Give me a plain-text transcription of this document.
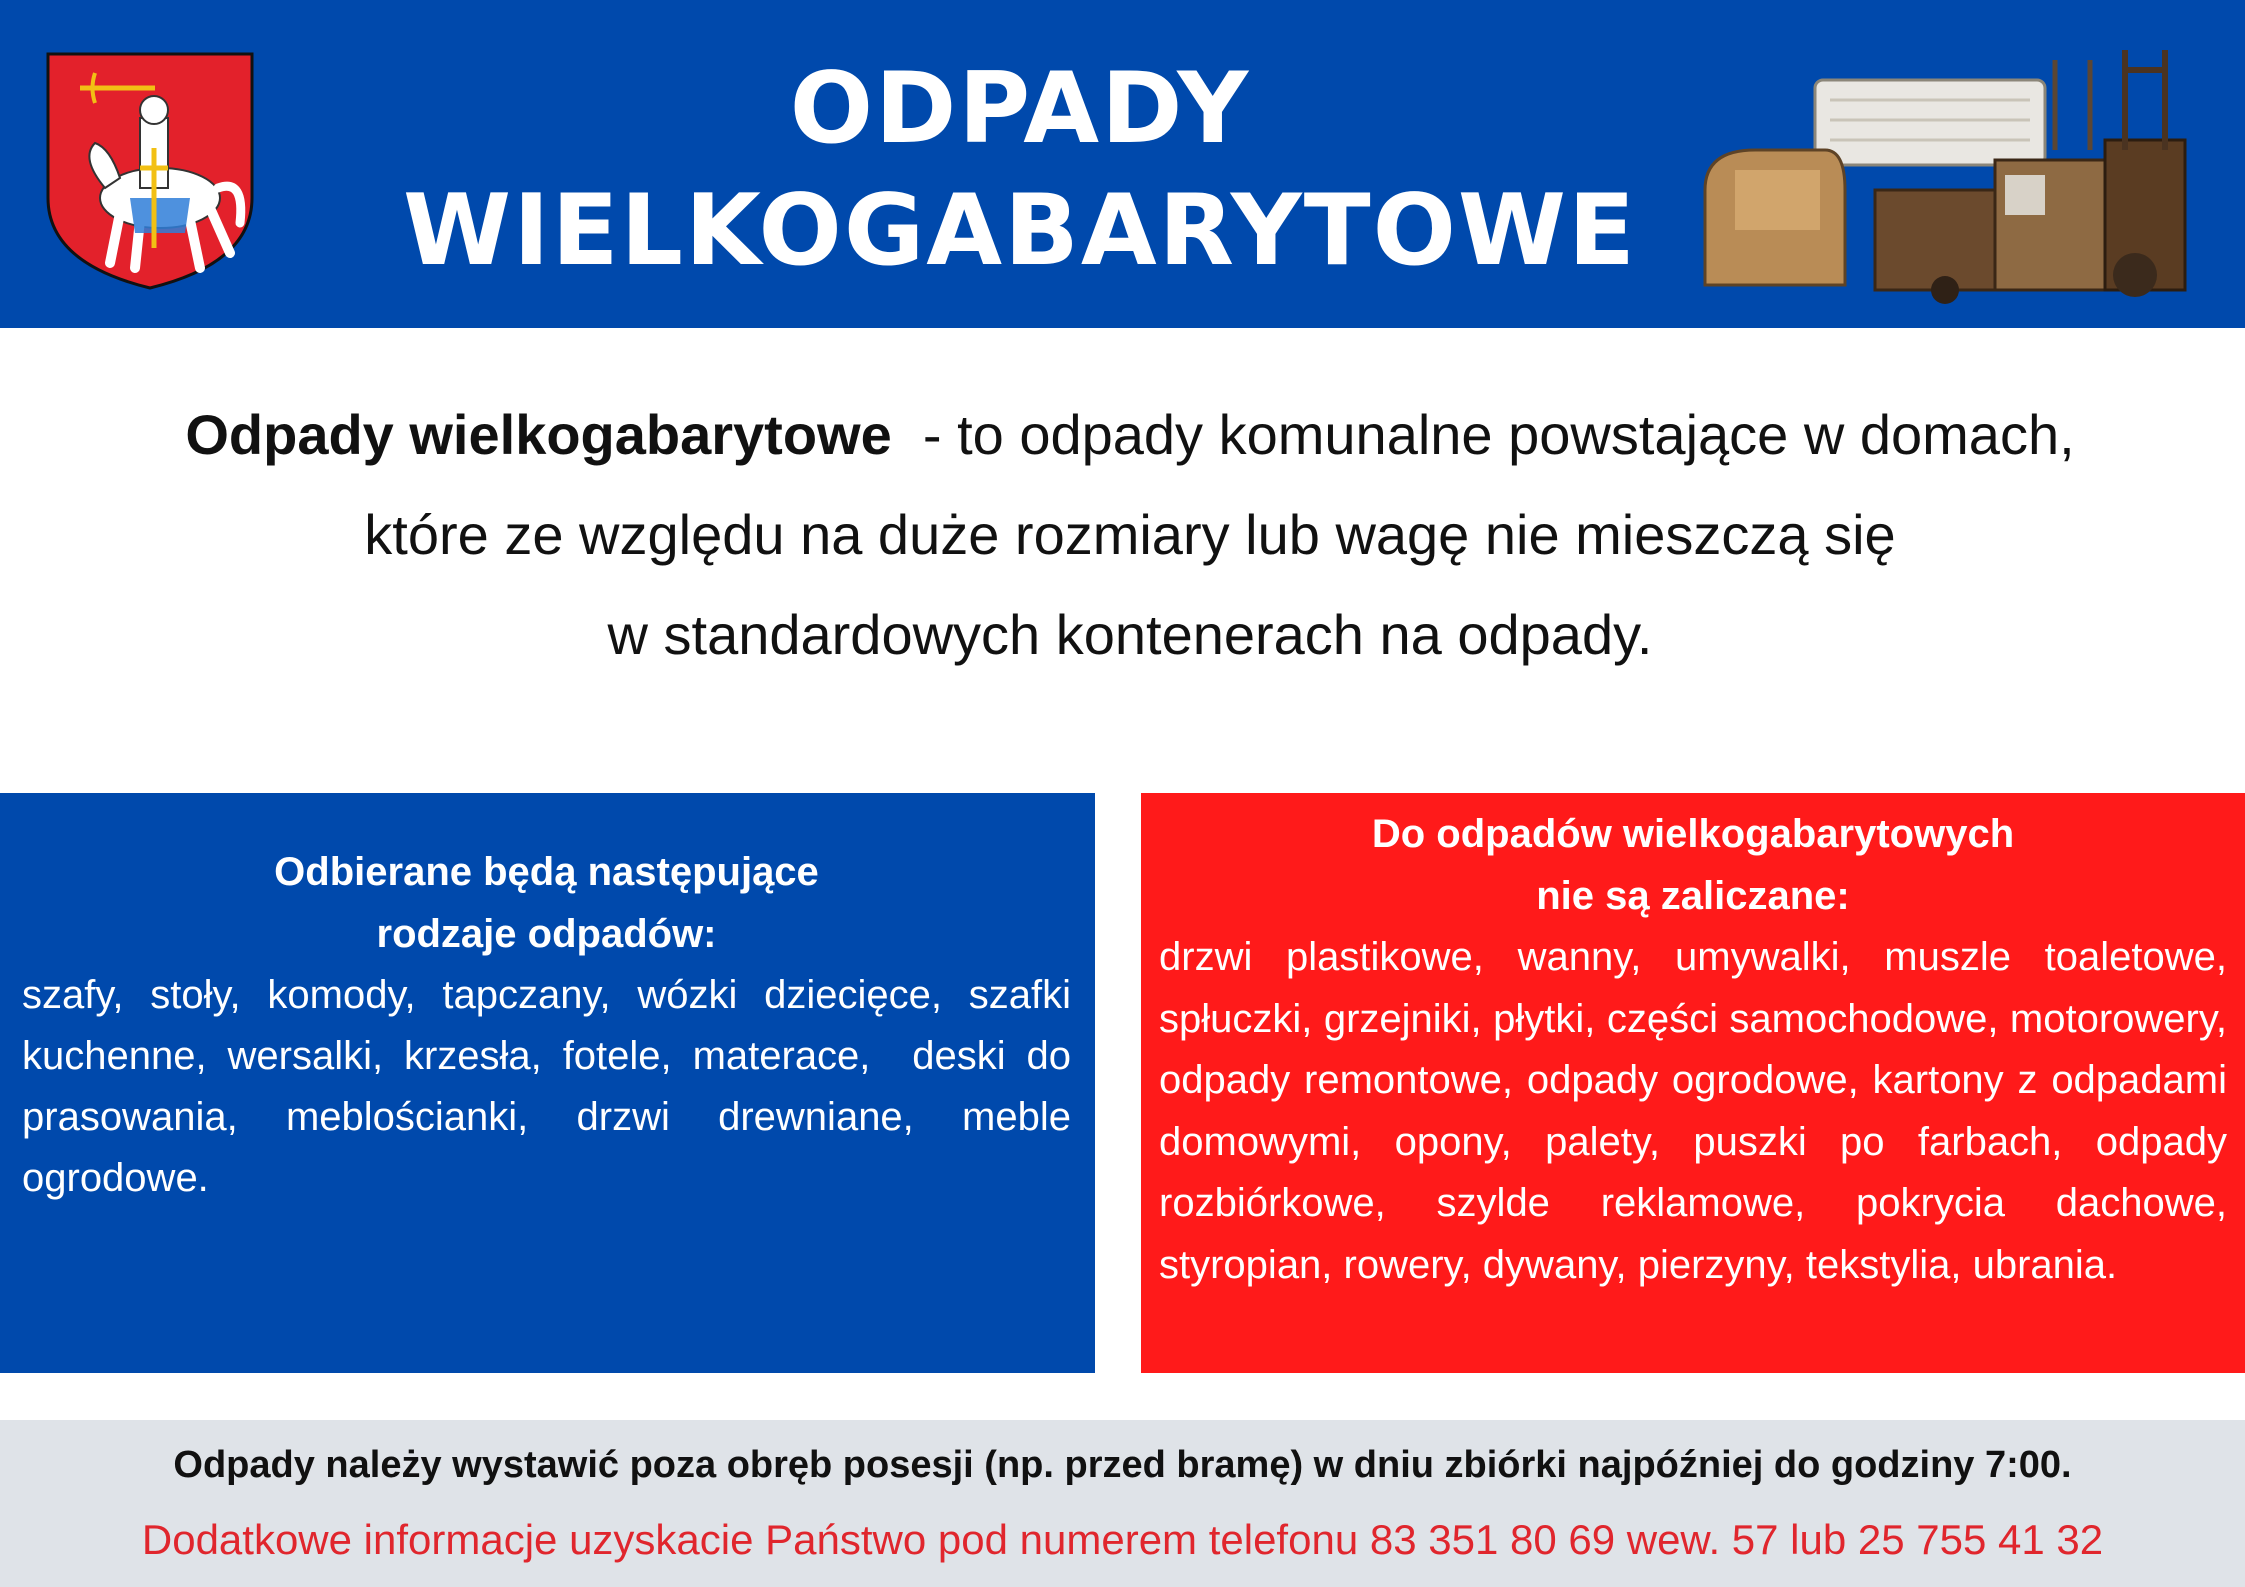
ODPADY
WIELKOGABARYTOWE
Odpady wielkogabarytowe  - to odpady komunalne powstające w domach,
które ze względu na duże rozmiary lub wagę nie mieszczą się
w standardowych kontenerach na odpady.
Odbierane będą następujące
rodzaje odpadów:

szafy, stoły, komody, tapczany, wózki dziecięce, szafki kuchenne, wersalki, krzesła, fotele, materace,  deski do prasowania, meblościanki, drzwi drewniane, meble ogrodowe.

Do odpadów wielkogabarytowych
nie są zaliczane:

drzwi plastikowe, wanny, umywalki, muszle toaletowe, spłuczki, grzejniki, płytki, części samochodowe, motorowery, odpady remontowe, odpady ogrodowe, kartony z odpadami domowymi, opony, palety, puszki po farbach, odpady rozbiórkowe, szylde reklamowe, pokrycia dachowe, styropian, rowery, dywany, pierzyny, tekstylia, ubrania.

Odpady należy wystawić poza obręb posesji (np. przed bramę) w dniu zbiórki najpóźniej do godziny 7:00.
Dodatkowe informacje uzyskacie Państwo pod numerem telefonu 83 351 80 69 wew. 57 lub 25 755 41 32
